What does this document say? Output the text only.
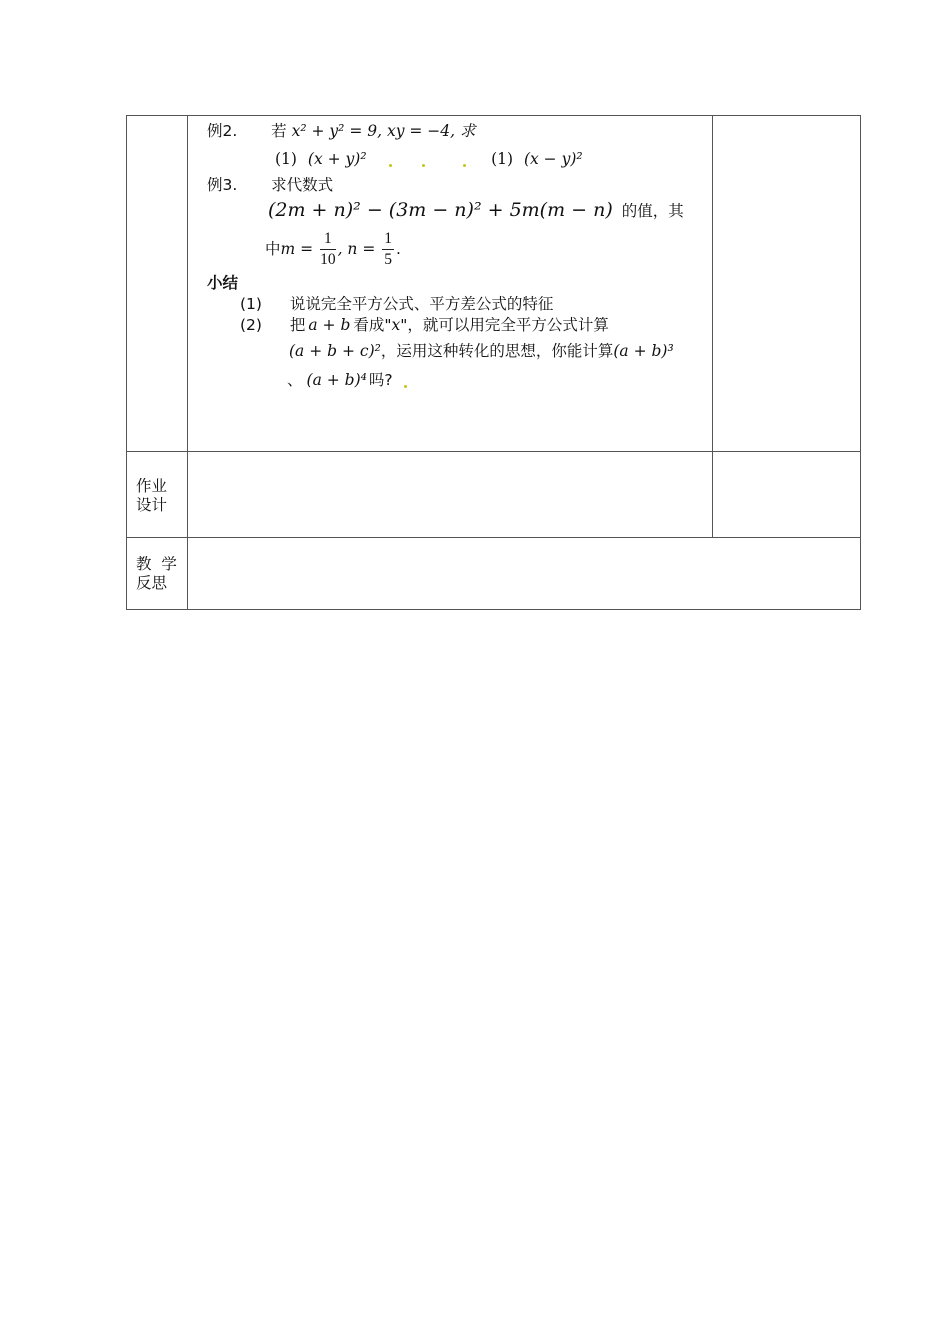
例2. 若 x² + y² = 9, xy = −4, 求
(1) (x + y)²	(1) (x − y)²
例3. 求代数式
(2m + n)² − (3m − n)² + 5m(m − n) 的值，其
中$m = \frac{1}{10}$ , $n = \frac{1}{5}$ .
小结
(1) 说说完全平方公式、平方差公式的特征
(2) 把 a + b 看成"x"，就可以用完全平方公式计算
(a + b + c)²，运用这种转化的思想，你能计算(a + b)³
、 (a + b)⁴ 吗?
作业
设计
教  学
反思
